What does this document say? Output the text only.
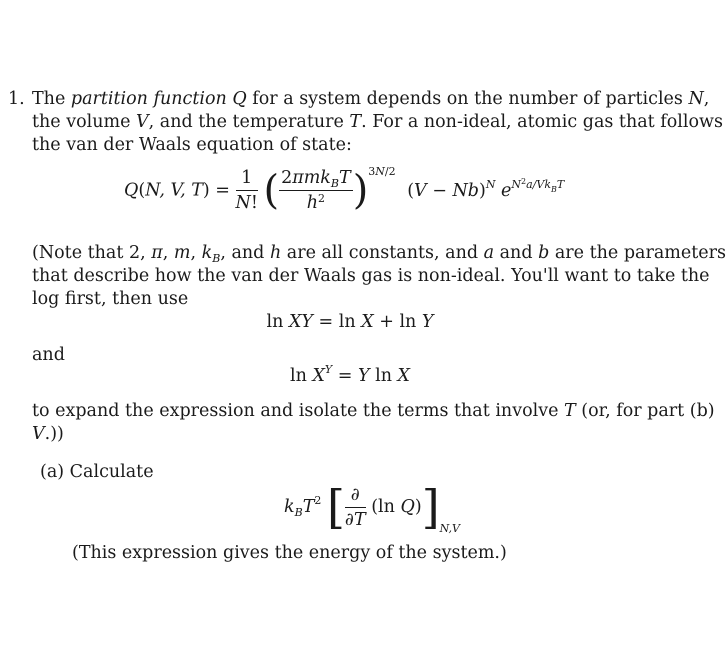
1. The partition function Q for a system depends on the number of particles N,
the volume V, and the temperature T. For a non-ideal, atomic gas that follows
the van der Waals equation of state:
Q(N, V, $T) = \frac{1}{N!}$ ( $\frac{2\pi mk_BT}{h^2} )^{3N/2}$ $(V - Nb)^N$ $e^{N^2a/Vk_BT}$
(Note that 2, π, m, $k_B$, and h are all constants, and a and b are the parameters
that describe how the van der Waals gas is non-ideal. You'll want to take the
log first, then use
ln XY = ln X + ln Y
and
$\ln X^Y = Y$ ln X
to expand the expression and isolate the terms that involve T (or, for part (b)
V.))
(a) Calculate
$k_BT^2$ [ $\frac{\partial}{\partial T} (\ln$ $Q)]_{N,V}$
(This expression gives the energy of the system.)
